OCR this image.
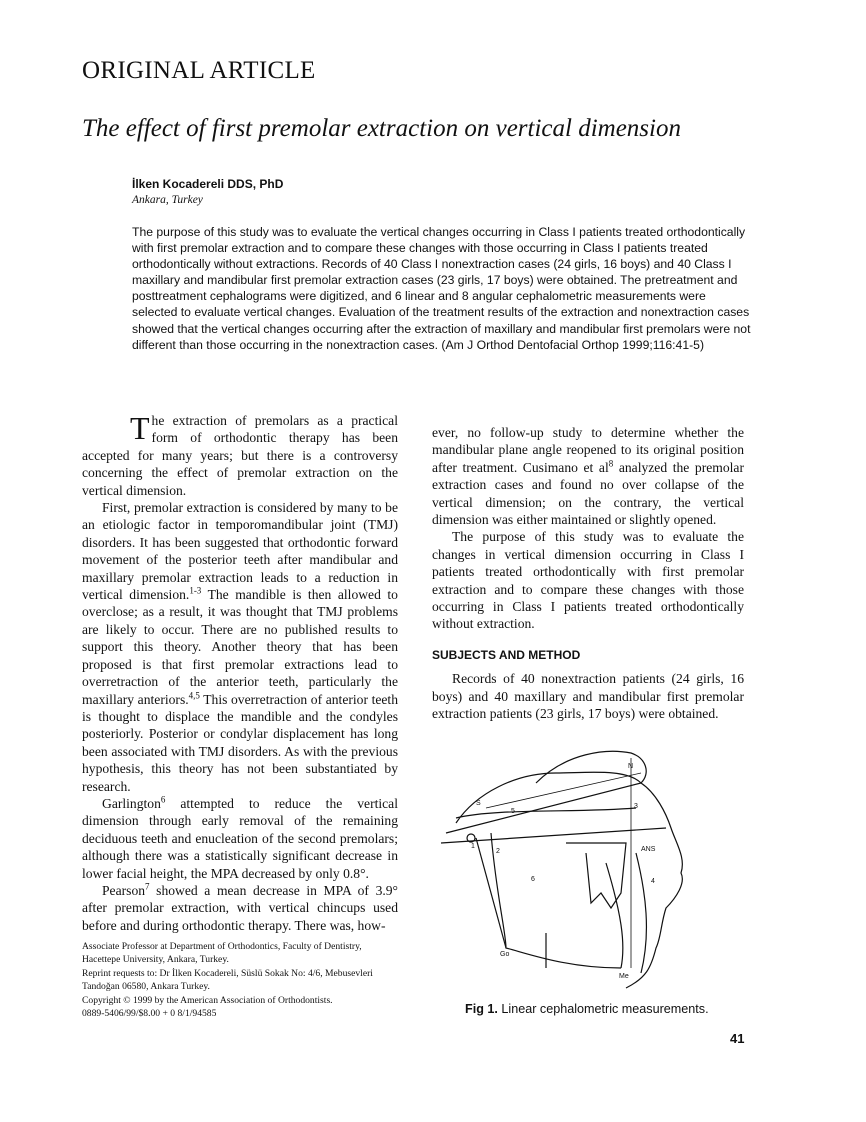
ORIGINAL ARTICLE
The effect of first premolar extraction on vertical dimension
İlken Kocadereli DDS, PhD
Ankara, Turkey
The purpose of this study was to evaluate the vertical changes occurring in Class I patients treated orthodontically with first premolar extraction and to compare these changes with those occurring in Class I patients treated orthodontically without extractions. Records of 40 Class I nonextraction cases (24 girls, 16 boys) and 40 Class I maxillary and mandibular first premolar extraction cases (23 girls, 17 boys) were obtained. The pretreatment and posttreatment cephalograms were digitized, and 6 linear and 8 angular cephalometric measurements were selected to evaluate vertical changes. Evaluation of the treatment results of the extraction and nonextraction cases showed that the vertical changes occurring after the extraction of maxillary and mandibular first premolars were not different than those occurring in the nonextraction cases. (Am J Orthod Dentofacial Orthop 1999;116:41-5)

The extraction of premolars as a practical form of orthodontic therapy has been accepted for many years; but there is a controversy concerning the effect of premolar extraction on the vertical dimension.

First, premolar extraction is considered by many to be an etiologic factor in temporomandibular joint (TMJ) disorders. It has been suggested that orthodontic forward movement of the posterior teeth after mandibular and maxillary premolar extraction leads to a reduction in vertical dimension.$^{1-3}$ The mandible is then allowed to overclose; as a result, it was thought that TMJ problems are likely to occur. There are no published results to support this theory. Another theory that has been proposed is that first premolar extractions lead to overretraction of the anterior teeth, particularly the maxillary anteriors.$^{4,5}$ This overretraction of anterior teeth is thought to displace the mandible and the condyles posteriorly. Posterior or condylar displacement has long been associated with TMJ disorders. As with the previous hypothesis, this theory has not been substantiated by research.

Garlington$^6$ attempted to reduce the vertical dimension through early removal of the remaining deciduous teeth and enucleation of the second premolars; although there was a statistically significant decrease in lower facial height, the MPA decreased by only 0.8°.

Pearson$^7$ showed a mean decrease in MPA of 3.9° after premolar extraction, with vertical chincups used before and during orthodontic therapy. There was, how-

ever, no follow-up study to determine whether the mandibular plane angle reopened to its original position after treatment. Cusimano et $al^8$ analyzed the premolar extraction cases and found no over collapse of the vertical dimension; on the contrary, the vertical dimension was either maintained or slightly opened.

The purpose of this study was to evaluate the changes in vertical dimension occurring in Class I patients treated orthodontically with first premolar extraction and to compare these changes with those occurring in Class I patients treated orthodontically without extraction.

SUBJECTS AND METHOD

Records of 40 nonextraction patients (24 girls, 16 boys) and 40 maxillary and mandibular first premolar extraction patients (23 girls, 17 boys) were obtained.

S
N
3
4
5
2
6
1	ANS
Me
Go
Fig 1. Linear cephalometric measurements.
Associate Professor at Department of Orthodontics, Faculty of Dentistry,
Hacettepe University, Ankara, Turkey.
Reprint requests to: Dr İlken Kocadereli, Süslü Sokak No: 4/6, Mebusevleri
Tandoğan 06580, Ankara Turkey.
Copyright © 1999 by the American Association of Orthodontists.
0889-5406/99/$8.00 + 0 8/1/94585
41
